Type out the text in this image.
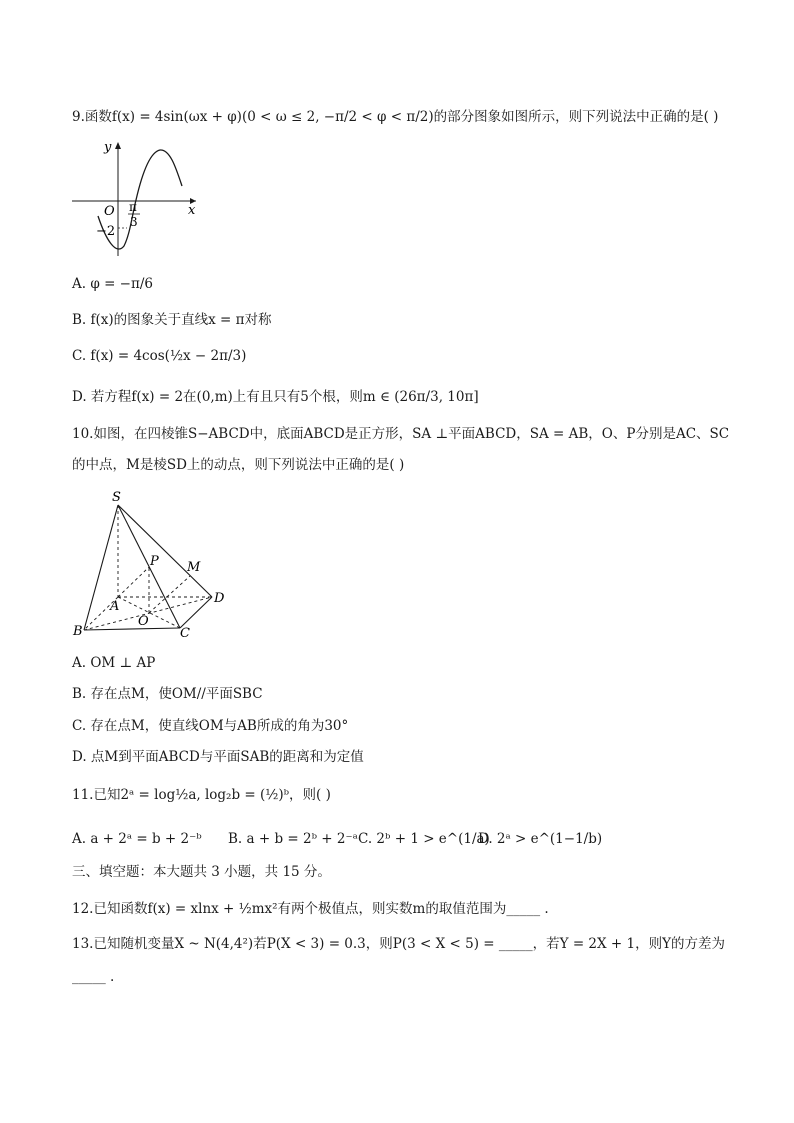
9.函数f(x) = 4sin(ωx + φ)(0 < ω ≤ 2, −π/2 < φ < π/2)的部分图象如图所示，则下列说法中正确的是( )
y
x
O
−2
π
3
A. φ = −π/6
B. f(x)的图象关于直线x = π对称
C. f(x) = 4cos(½x − 2π/3)
D. 若方程f(x) = 2在(0,m)上有且只有5个根，则m ∈ (26π/3, 10π]
10.如图，在四棱锥S−ABCD中，底面ABCD是正方形，SA ⊥平面ABCD，SA = AB，O、P分别是AC、SC
的中点，M是棱SD上的动点，则下列说法中正确的是( )
S
P M
A
D
O
B	C
A. OM ⊥ AP
B. 存在点M，使OM//平面SBC
C. 存在点M，使直线OM与AB所成的角为30°
D. 点M到平面ABCD与平面SAB的距离和为定值
11.已知2ᵃ = log½a, log₂b = (½)ᵇ，则( )
A. a + 2ᵃ = b + 2⁻ᵇ B. a + b = 2ᵇ + 2⁻ᵃ C. 2ᵇ + 1 > e^(1/a)
D. 2ᵃ > e^(1−1/b)
三、填空题：本大题共 3 小题，共 15 分。
12.已知函数f(x) = xlnx + ½mx²有两个极值点，则实数m的取值范围为_____ .
13.已知随机变量X ~ N(4,4²)若P(X < 3) = 0.3，则P(3 < X < 5) = _____，若Y = 2X + 1，则Y的方差为
_____ .
